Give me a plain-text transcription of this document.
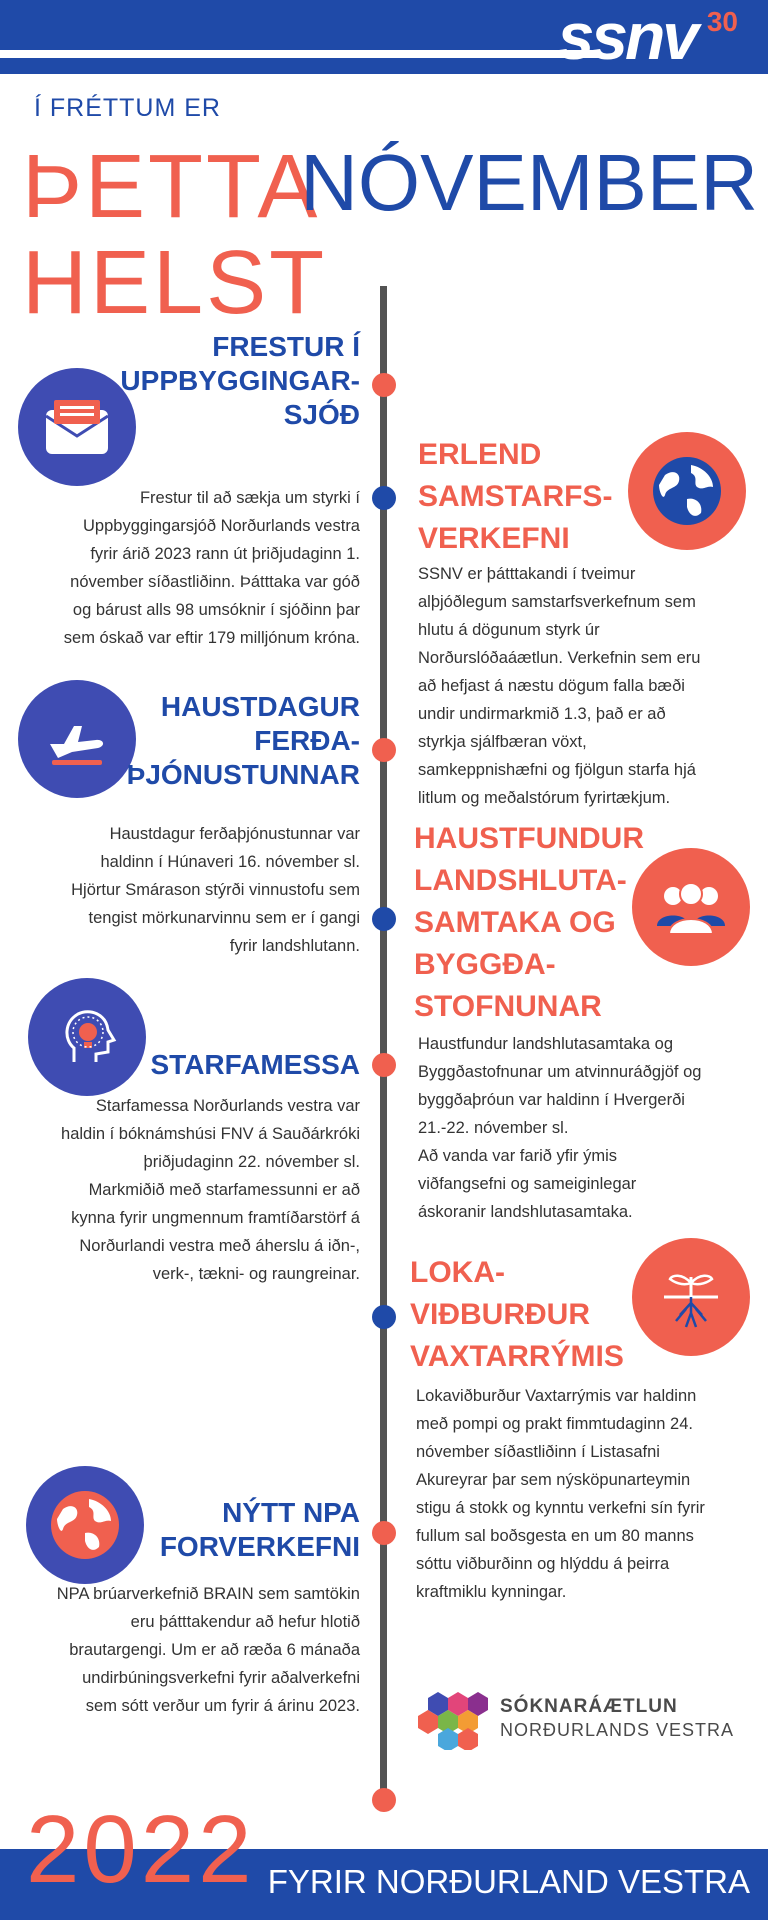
ssnv 30
Í FRÉTTUM ER
ÞETTA
HELST
NÓVEMBER
FRESTUR Í
UPPBYGGINGAR-
SJÓÐ
Frestur til að sækja um styrki í
Uppbyggingarsjóð Norðurlands vestra
fyrir árið 2023 rann út þriðjudaginn 1.
nóvember síðastliðinn. Þátttaka var góð
og bárust alls 98 umsóknir í sjóðinn þar
sem óskað var eftir 179 milljónum króna.
HAUSTDAGUR
FERÐA-
ÞJÓNUSTUNNAR
Haustdagur ferðaþjónustunnar var
haldinn í Húnaveri 16. nóvember sl.
Hjörtur Smárason stýrði vinnustofu sem
tengist mörkunarvinnu sem er í gangi
fyrir landshlutann.
STARFAMESSA
Starfamessa Norðurlands vestra var
haldin í bóknámshúsi FNV á Sauðárkróki
þriðjudaginn 22. nóvember sl.
Markmiðið með starfamessunni er að
kynna fyrir ungmennum framtíðarstörf á
Norðurlandi vestra með áherslu á iðn-,
verk-, tækni- og raungreinar.
NÝTT NPA
FORVERKEFNI
NPA brúarverkefnið BRAIN sem samtökin
eru þátttakendur að hefur hlotið
brautargengi. Um er að ræða 6 mánaða
undirbúningsverkefni fyrir aðalverkefni
sem sótt verður um fyrir á árinu 2023.
ERLEND
SAMSTARFS-
VERKEFNI
SSNV er þátttakandi í tveimur
alþjóðlegum samstarfsverkefnum sem
hlutu á dögunum styrk úr
Norðurslóðaáætlun. Verkefnin sem eru
að hefjast á næstu dögum falla bæði
undir undirmarkmið 1.3, það er að
styrkja sjálfbæran vöxt,
samkeppnishæfni og fjölgun starfa hjá
litlum og meðalstórum fyrirtækjum.
HAUSTFUNDUR
LANDSHLUTA-
SAMTAKA OG
BYGGÐA-
STOFNUNAR
Haustfundur landshlutasamtaka og
Byggðastofnunar um atvinnuráðgjöf og
byggðaþróun var haldinn í Hvergerði
21.-22. nóvember sl.
Að vanda var farið yfir ýmis
viðfangsefni og sameiginlegar
áskoranir landshlutasamtaka.
LOKA-
VIÐBURÐUR
VAXTARRÝMIS
Lokaviðburður Vaxtarrýmis var haldinn
með pompi og prakt fimmtudaginn 24.
nóvember síðastliðinn í Listasafni
Akureyrar þar sem nýsköpunarteymin
stigu á stokk og kynntu verkefni sín fyrir
fullum sal boðsgesta en um 80 manns
sóttu viðburðinn og hlýddu á þeirra
kraftmiklu kynningar.
SÓKNARÁÆTLUN
NORÐURLANDS VESTRA
2022 FYRIR NORÐURLAND VESTRA
